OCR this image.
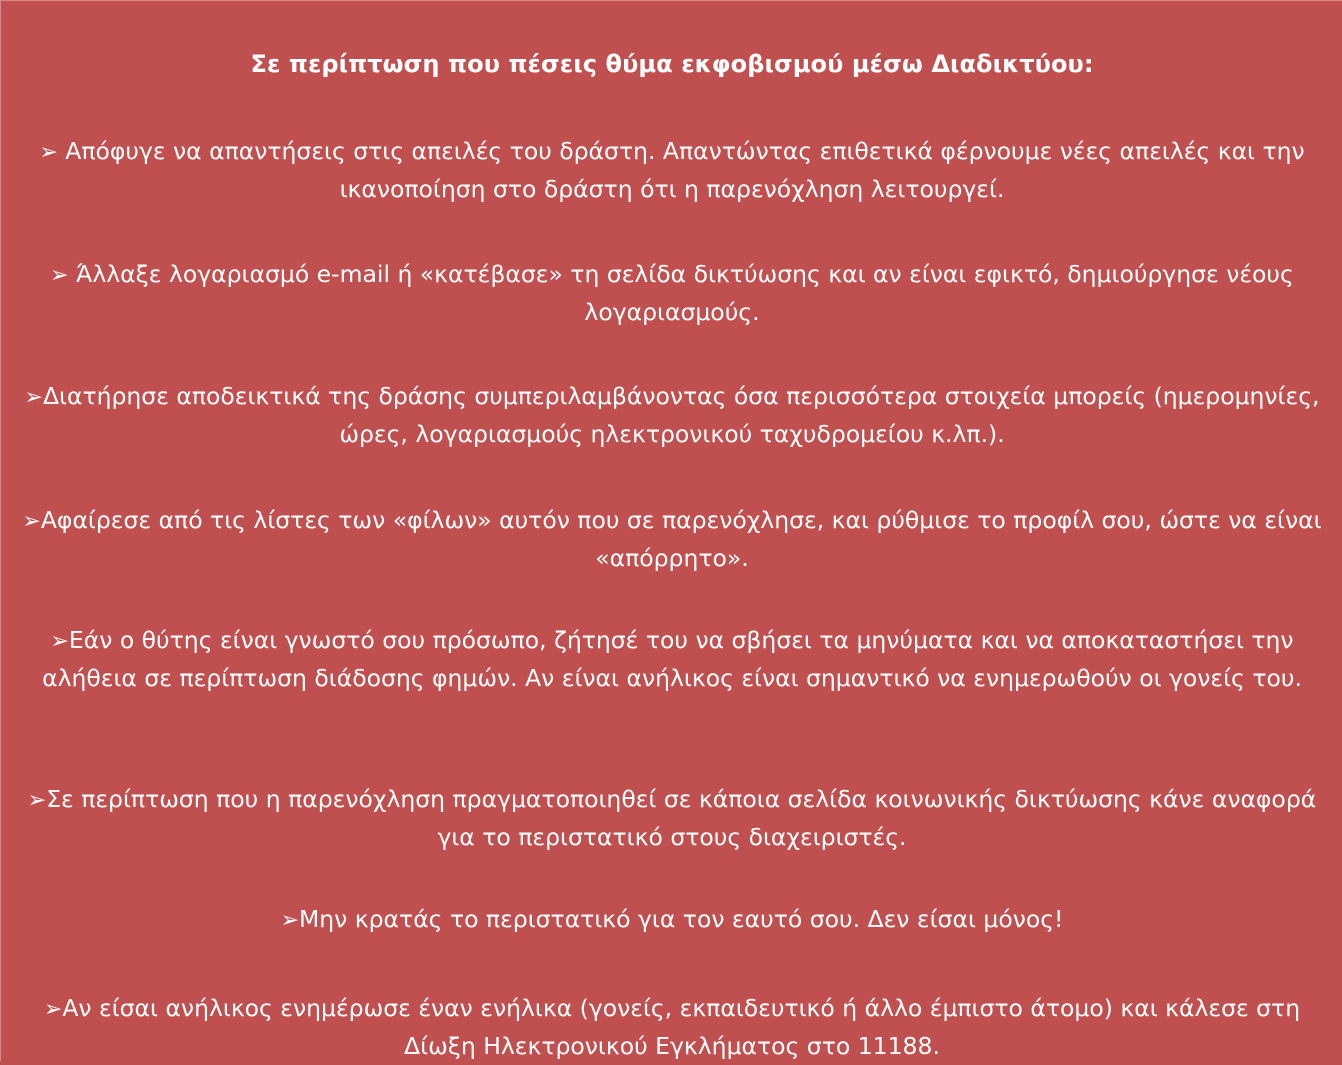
Σε περίπτωση που πέσεις θύμα εκφοβισμού μέσω Διαδικτύου:

➢ Απόφυγε να απαντήσεις στις απειλές του δράστη. Απαντώντας επιθετικά φέρνουμε νέες απειλές και την ικανοποίηση στο δράστη ότι η παρενόχληση λειτουργεί.

➢ Άλλαξε λογαριασμό e-mail ή «κατέβασε» τη σελίδα δικτύωσης και αν είναι εφικτό, δημιούργησε νέους λογαριασμούς.

➢Διατήρησε αποδεικτικά της δράσης συμπεριλαμβάνοντας όσα περισσότερα στοιχεία μπορείς (ημερομηνίες, ώρες, λογαριασμούς ηλεκτρονικού ταχυδρομείου κ.λπ.).

➢Αφαίρεσε από τις λίστες των «φίλων» αυτόν που σε παρενόχλησε, και ρύθμισε το προφίλ σου, ώστε να είναι «απόρρητο».

➢Εάν ο θύτης είναι γνωστό σου πρόσωπο, ζήτησέ του να σβήσει τα μηνύματα και να αποκαταστήσει την αλήθεια σε περίπτωση διάδοσης φημών. Αν είναι ανήλικος είναι σημαντικό να ενημερωθούν οι γονείς του.

➢Σε περίπτωση που η παρενόχληση πραγματοποιηθεί σε κάποια σελίδα κοινωνικής δικτύωσης κάνε αναφορά για το περιστατικό στους διαχειριστές.

➢Μην κρατάς το περιστατικό για τον εαυτό σου. Δεν είσαι μόνος!

➢Αν είσαι ανήλικος ενημέρωσε έναν ενήλικα (γονείς, εκπαιδευτικό ή άλλο έμπιστο άτομο) και κάλεσε στη Δίωξη Ηλεκτρονικού Εγκλήματος στο 11188.
